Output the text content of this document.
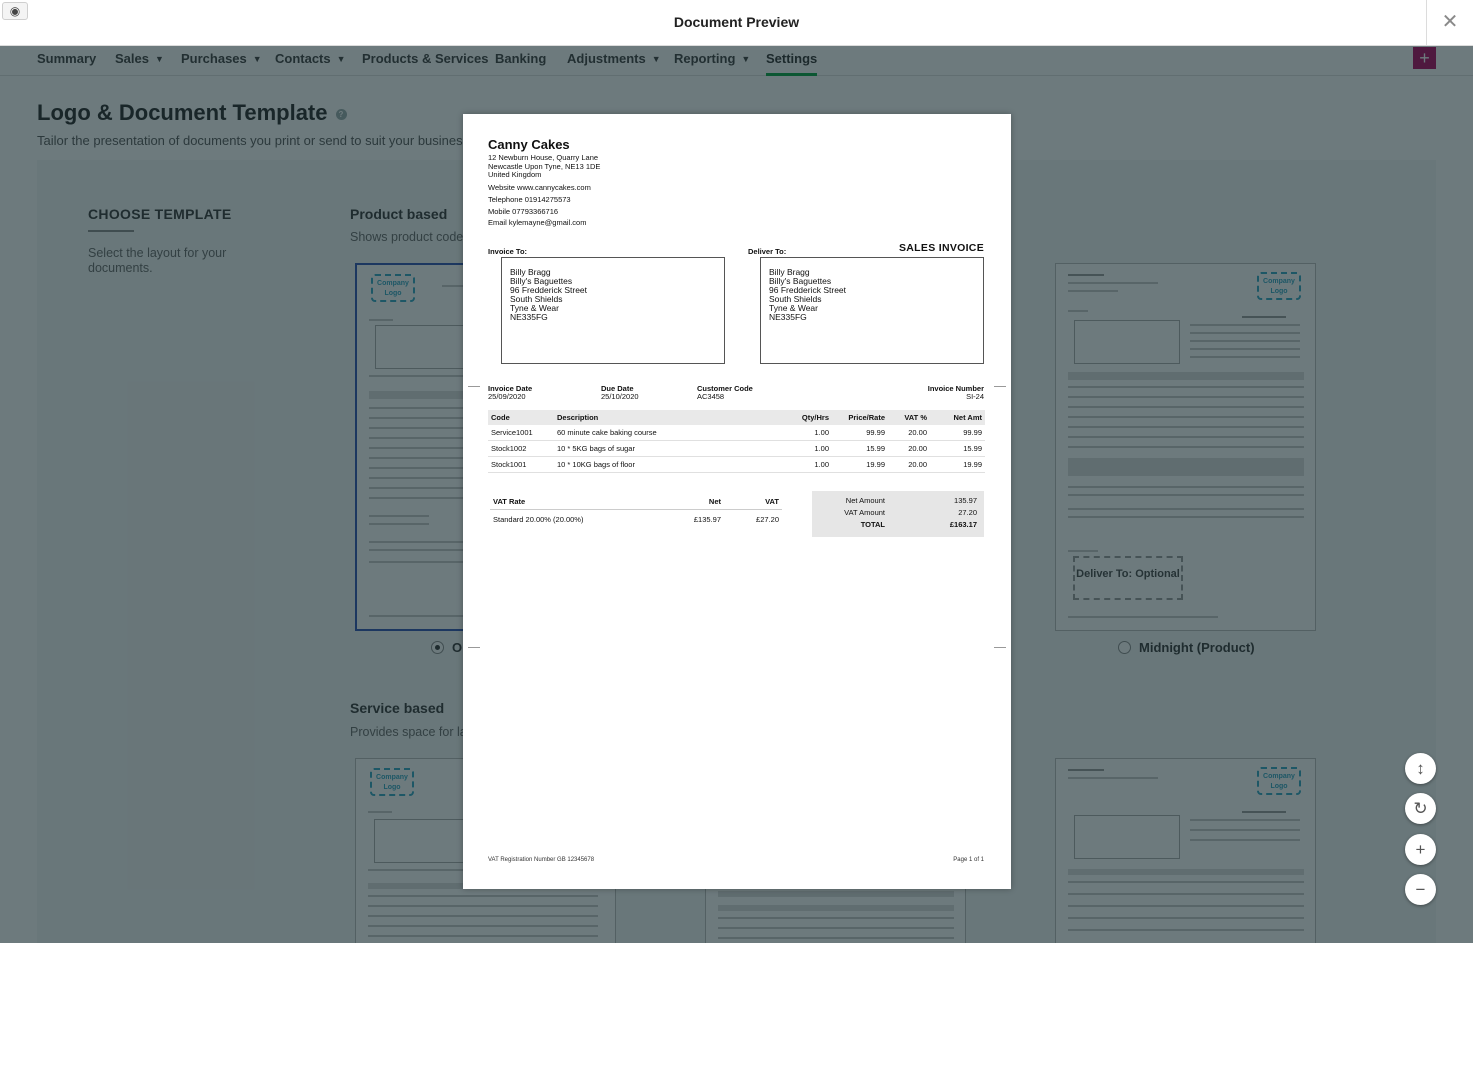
◉
Document Preview	✕
Canny Cakes
12 Newburn House, Quarry Lane
Newcastle Upon Tyne, NE13 1DE
United Kingdom
Website www.cannycakes.com
Telephone 01914275573
Mobile 07793366716
Email kylemayne@gmail.com
Invoice To:	Deliver To:	SALES INVOICE
Billy Bragg
Billy's Baguettes
96 Fredderick Street
South Shields
Tyne & Wear
NE335FG
Billy Bragg
Billy's Baguettes
96 Fredderick Street
South Shields
Tyne & Wear
NE335FG
Invoice Date
25/09/2020
Due Date
25/10/2020
Customer Code
AC3458
Invoice Number
SI-24
Code	Description	Qty/Hrs	Price/Rate	VAT %	Net Amt
Service1001	60 minute cake baking course	1.00	99.99	20.00	99.99
Stock1002	10 * 5KG bags of sugar	1.00	15.99	20.00	15.99
Stock1001	10 * 10KG bags of floor	1.00	19.99	20.00	19.99
VAT Rate	Net	VAT
Standard 20.00% (20.00%)	£135.97	£27.20
Net Amount	135.97
VAT Amount	27.20
TOTAL	£163.17
VAT Registration Number GB 12345678	Page 1 of 1
↕
↻
+
−
